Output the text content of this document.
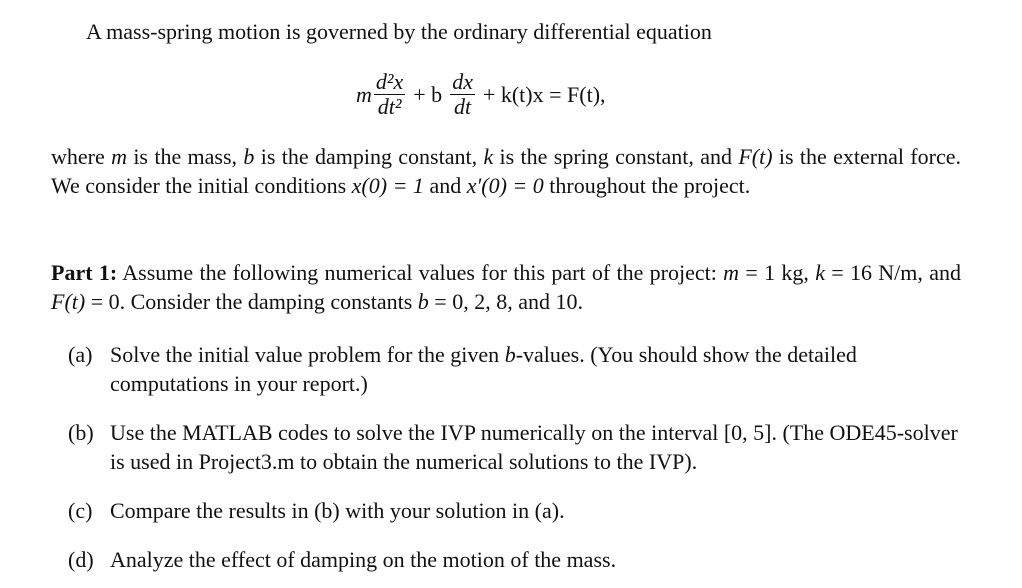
A mass-spring motion is governed by the ordinary differential equation
m $\frac{\text{d²x}}{\text{dt²}} + b \frac{dx}{dt} + k(t)x = F(t)$,
where m is the mass, b is the damping constant, k is the spring constant, and F(t) is the external force. We consider the initial conditions x(0) = 1 and x′(0) = 0 throughout the project.
Part 1: Assume the following numerical values for this part of the project: m = 1 kg, k = 16 N/m, and F(t) = 0. Consider the damping constants b = 0, 2, 8, and 10.
(a) Solve the initial value problem for the given b-values. (You should show the detailed computations in your report.)
(b) Use the MATLAB codes to solve the IVP numerically on the interval [0, 5]. (The ODE45-solver is used in Project3.m to obtain the numerical solutions to the IVP).
(c) Compare the results in (b) with your solution in (a).
(d) Analyze the effect of damping on the motion of the mass.
